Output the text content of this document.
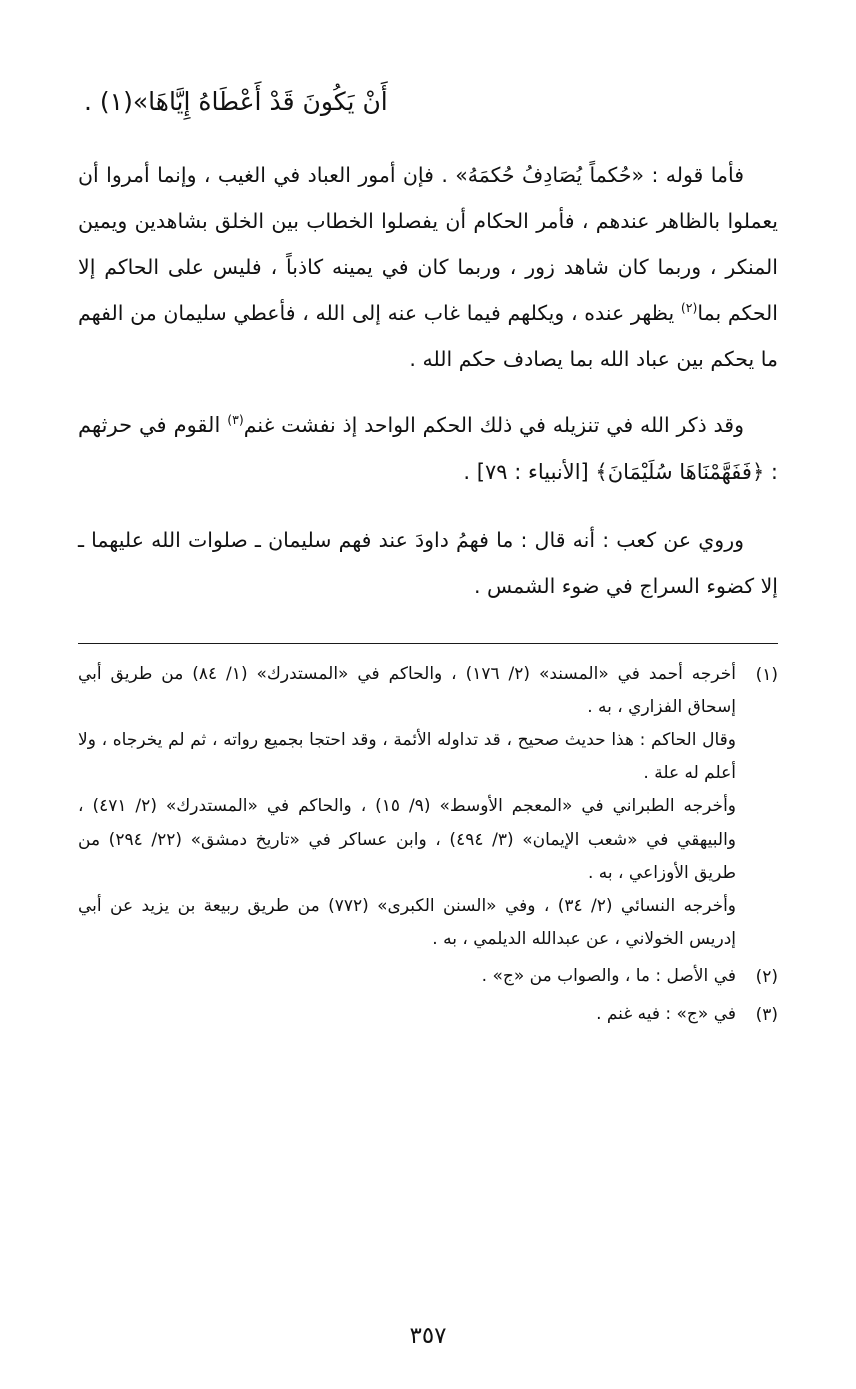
أَنْ يَكُونَ قَدْ أَعْطَاهُ إِيَّاهَا»(١) .

فأما قوله : «حُكماً يُصَادِفُ حُكمَهُ» . فإن أمور العباد في الغيب ، وإنما أمروا أن يعملوا بالظاهر عندهم ، فأمر الحكام أن يفصلوا الخطاب بين الخلق بشاهدين ويمين المنكر ، وربما كان شاهد زور ، وربما كان في يمينه كاذباً ، فليس على الحاكم إلا الحكم بما$^{(٢)}$ يظهر عنده ، ويكلهم فيما غاب عنه إلى الله ، فأعطي سليمان من الفهم ما يحكم بين عباد الله بما يصادف حكم الله .

وقد ذكر الله في تنزيله في ذلك الحكم الواحد إذ نفشت غنم$^{(٣)}$ القوم في حرثهم : ﴿فَفَهَّمْنَاهَا سُلَيْمَانَ﴾ [الأنبياء : ٧٩] .

وروي عن كعب : أنه قال : ما فهمُ داودَ عند فهم سليمان ـ صلوات الله عليهما ـ إلا كضوء السراج في ضوء الشمس .

(١)
أخرجه أحمد في «المسند» (٢/ ١٧٦) ، والحاكم في «المستدرك» (١/ ٨٤) من طريق أبي إسحاق الفزاري ، به .
وقال الحاكم : هذا حديث صحيح ، قد تداوله الأئمة ، وقد احتجا بجميع رواته ، ثم لم يخرجاه ، ولا أعلم له علة .
وأخرجه الطبراني في «المعجم الأوسط» (٩/ ١٥) ، والحاكم في «المستدرك» (٢/ ٤٧١) ، والبيهقي في «شعب الإيمان» (٣/ ٤٩٤) ، وابن عساكر في «تاريخ دمشق» (٢٢/ ٢٩٤) من طريق الأوزاعي ، به .
وأخرجه النسائي (٢/ ٣٤) ، وفي «السنن الكبرى» (٧٧٢) من طريق ربيعة بن يزيد عن أبي إدريس الخولاني ، عن عبدالله الديلمي ، به .
(٢)
في الأصل : ما ، والصواب من «ج» .
(٣)
في «ج» : فيه غنم .
٣٥٧
